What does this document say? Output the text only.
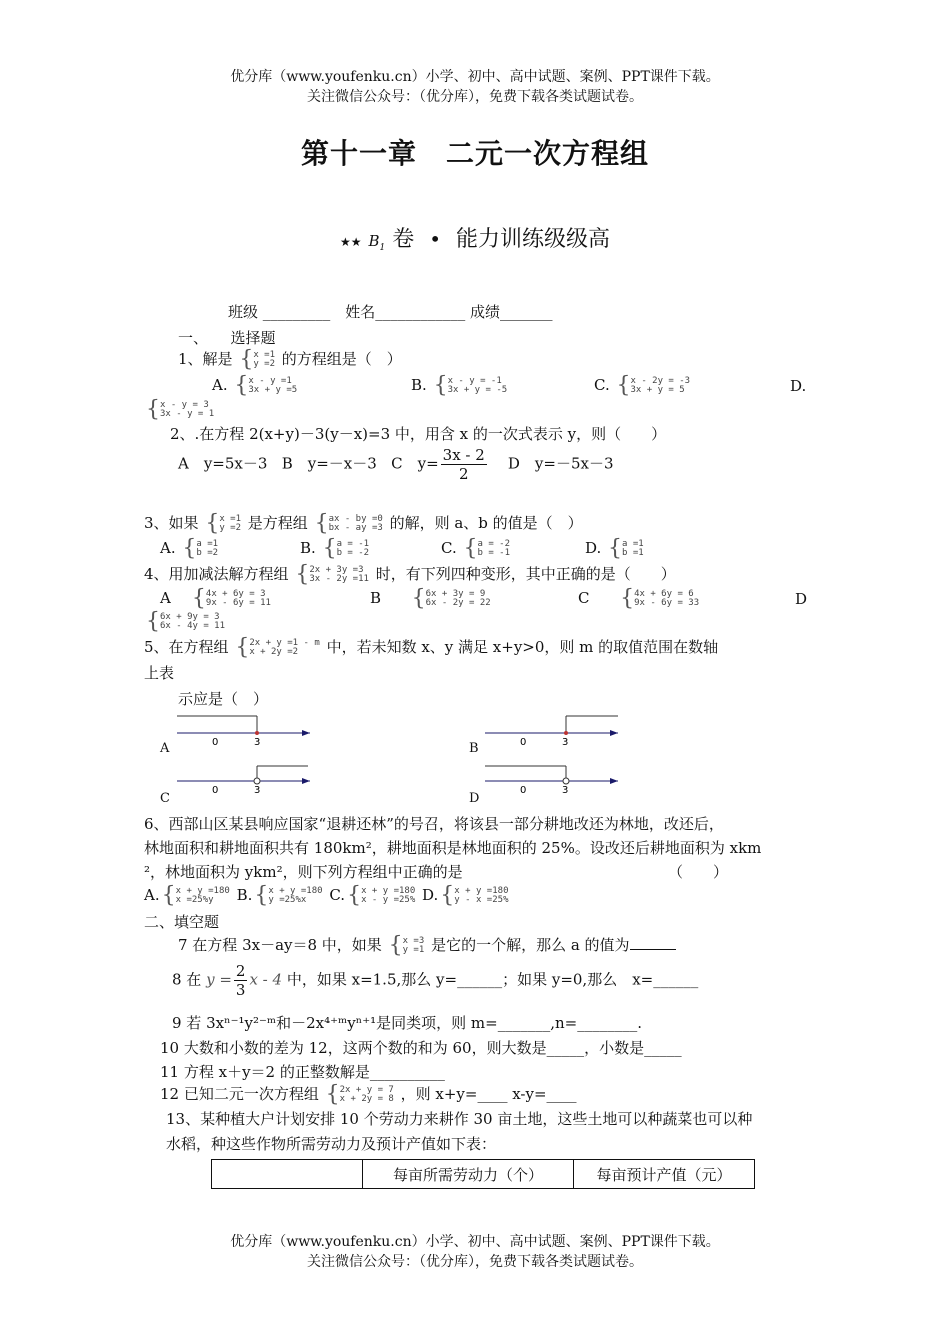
优分库（www.youfenku.cn）小学、初中、高中试题、案例、PPT课件下载。
关注微信公众号：（优分库），免费下载各类试题试卷。
第十一章　二元一次方程组
★★ $B_1$ 卷 • 能力训练级级高
班级 _________　姓名____________ 成绩_______
一、　　选择题
1、解是 {x =1
y =2 的方程组是（　）
A. {x - y =1
3x + y =5	B. {x - y = -1
3x + y = -5	C. {x - 2y = -3
3x + y = 5	D.
{x - y = 3
3x - y = 1
2、.在方程 2(x+y)－3(y－x)=3 中，用含 x 的一次式表示 y，则（　　）
A　y=5x－3 B　y=－x－3 C　$y= \frac{3x - 2}{2}$ D　y=－5x－3
3、如果 {x =1
y =2 是方程组 {ax - by =0
bx - ay =3 的解，则 a、b 的值是（　）
A. {a =1
b =2	B. {a = -1
b = -2	C. {a = -2
b = -1	D. {a =1
b =1
4、用加减法解方程组 {2x + 3y =3
3x - 2y =11 时，有下列四种变形，其中正确的是（　　）
A {4x + 6y = 3
9x - 6y = 11	B {6x + 3y = 9
6x - 2y = 22	C {4x + 6y = 6
9x - 6y = 33	D
{6x + 9y = 3
6x - 4y = 11
5、在方程组 {2x + y =1 - m
x + 2y =2 中，若未知数 x、y 满足 x+y>0，则 m 的取值范围在数轴
上表
示应是（　）
0	3	0	3
0	3	0	3
A	B
C	D
6、西部山区某县响应国家“退耕还林”的号召，将该县一部分耕地改还为林地，改还后，
林地面积和耕地面积共有 180km²，耕地面积是林地面积的 25%。设改还后耕地面积为 xkm
²，林地面积为 ykm²，则下列方程组中正确的是	（　　）
A.{x + y =180
x =25%y B.{x + y =180
y =25%x C.{x + y =180
x - y =25% D.{x + y =180
y - x =25%
二、填空题
7 在方程 3x－ay＝8 中，如果 {x =3
y =1 是它的一个解，那么 a 的值为
8 在 $y = \frac{2}{3}$ x - 4 中，如果 x=1.5,那么 y=______；如果 y=0,那么　x=______
9 若 3xⁿ⁻¹y²⁻ᵐ和－2x⁴⁺ᵐyⁿ⁺¹是同类项，则 m=_______,n=________.
10 大数和小数的差为 12，这两个数的和为 60，则大数是_____，小数是_____
11 方程 x＋y＝2 的正整数解是__________
12 已知二元一次方程组 {2x + y = 7
x + 2y = 8 ，则 x+y=____ x-y=____
13、某种植大户计划安排 10 个劳动力来耕作 30 亩土地，这些土地可以种蔬菜也可以种
水稻，种这些作物所需劳动力及预计产值如下表：
	每亩所需劳动力（个）	每亩预计产值（元）
优分库（www.youfenku.cn）小学、初中、高中试题、案例、PPT课件下载。
关注微信公众号：（优分库），免费下载各类试题试卷。
